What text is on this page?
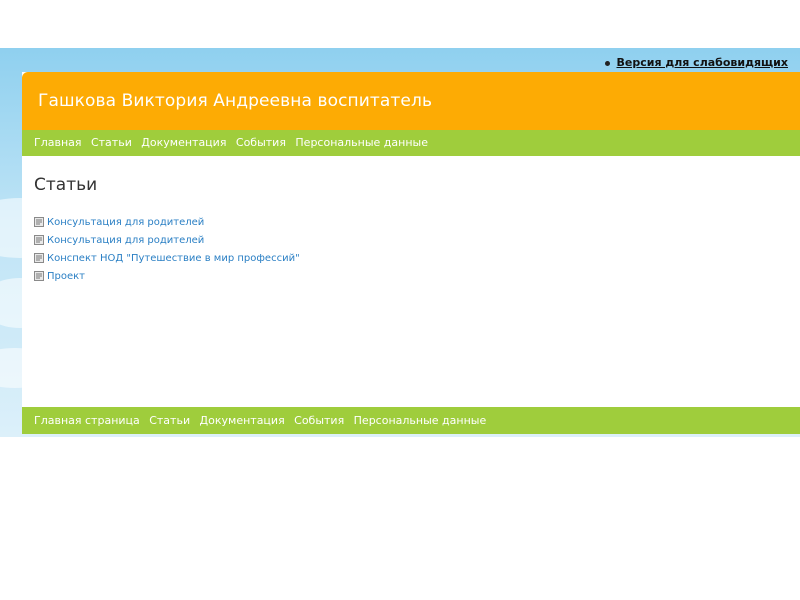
Версия для слабовидящих
Гашкова Виктория Андреевна воспитатель
Главная Статьи Документация События Персональные данные
Статьи
Консультация для родителей
Консультация для родителей
Конспект НОД "Путешествие в мир профессий"
Проект
Главная страница Статьи Документация События Персональные данные
